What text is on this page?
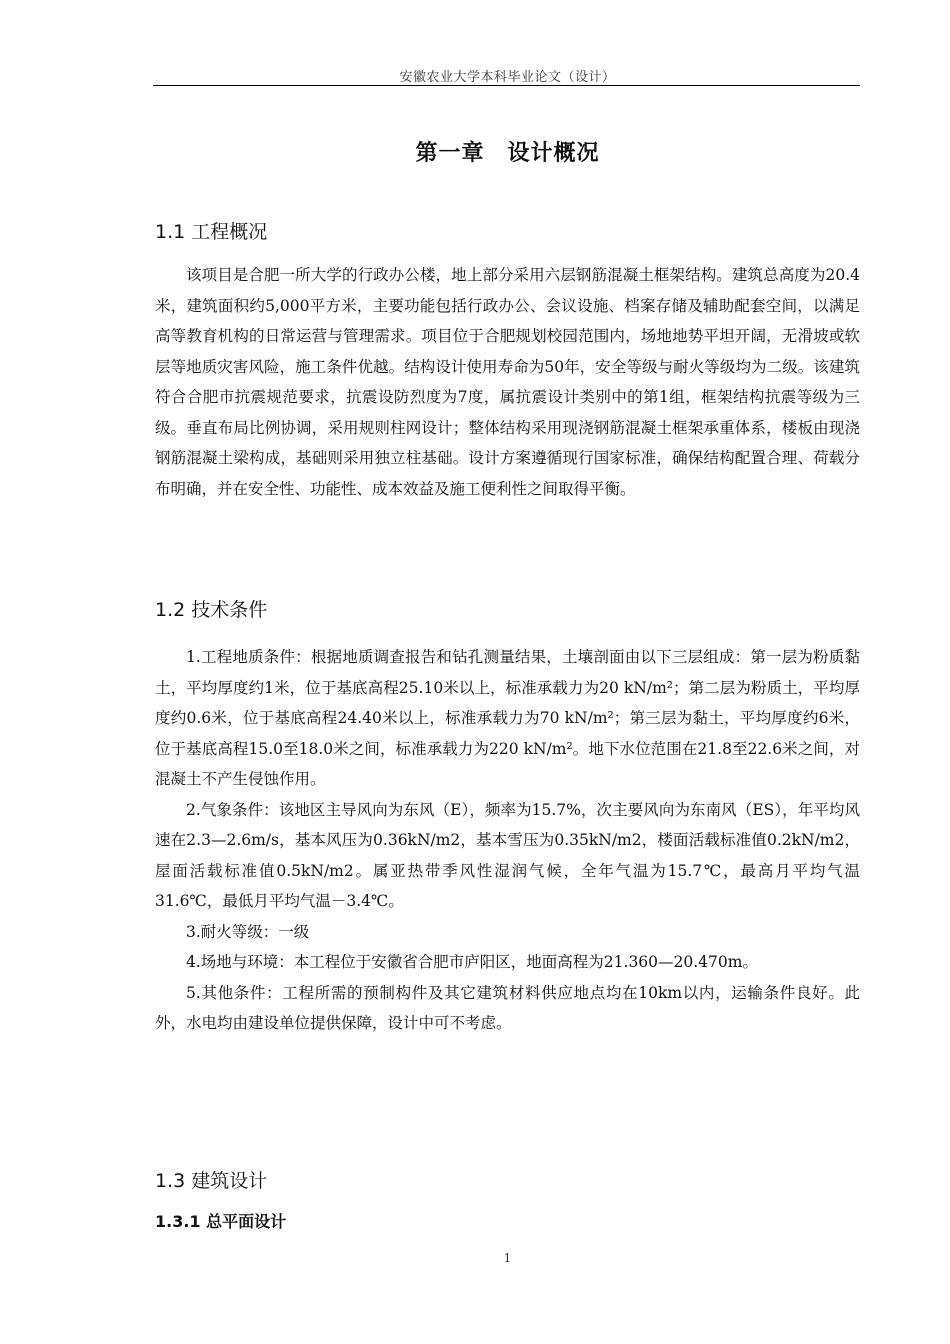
安徽农业大学本科毕业论文（设计）
第一章　设计概况
1.1 工程概况

该项目是合肥一所大学的行政办公楼，地上部分采用六层钢筋混凝土框架结构。建筑总高度为20.4米，建筑面积约5,000平方米，主要功能包括行政办公、会议设施、档案存储及辅助配套空间，以满足高等教育机构的日常运营与管理需求。项目位于合肥规划校园范围内，场地地势平坦开阔，无滑坡或软层等地质灾害风险，施工条件优越。结构设计使用寿命为50年，安全等级与耐火等级均为二级。该建筑符合合肥市抗震规范要求，抗震设防烈度为7度，属抗震设计类别中的第1组，框架结构抗震等级为三级。垂直布局比例协调，采用规则柱网设计；整体结构采用现浇钢筋混凝土框架承重体系，楼板由现浇钢筋混凝土梁构成，基础则采用独立柱基础。设计方案遵循现行国家标准，确保结构配置合理、荷载分布明确，并在安全性、功能性、成本效益及施工便利性之间取得平衡。

1.2 技术条件

1.工程地质条件：根据地质调查报告和钻孔测量结果，土壤剖面由以下三层组成：第一层为粉质黏土，平均厚度约1米，位于基底高程25.10米以上，标准承载力为20 kN/m²；第二层为粉质土，平均厚度约0.6米，位于基底高程24.40米以上，标准承载力为70 kN/m²；第三层为黏土，平均厚度约6米，位于基底高程15.0至18.0米之间，标准承载力为220 kN/m²。地下水位范围在21.8至22.6米之间，对混凝土不产生侵蚀作用。

2.气象条件：该地区主导风向为东风（E），频率为15.7%，次主要风向为东南风（ES），年平均风速在2.3—2.6m/s，基本风压为0.36kN/m2，基本雪压为0.35kN/m2，楼面活载标准值0.2kN/m2，屋面活载标准值0.5kN/m2。属亚热带季风性湿润气候，全年气温为15.7℃，最高月平均气温 31.6℃，最低月平均气温－3.4℃。

3.耐火等级：一级

4.场地与环境：本工程位于安徽省合肥市庐阳区，地面高程为21.360—20.470m。

5.其他条件：工程所需的预制构件及其它建筑材料供应地点均在10km以内，运输条件良好。此外，水电均由建设单位提供保障，设计中可不考虑。

1.3 建筑设计
1.3.1 总平面设计
1
